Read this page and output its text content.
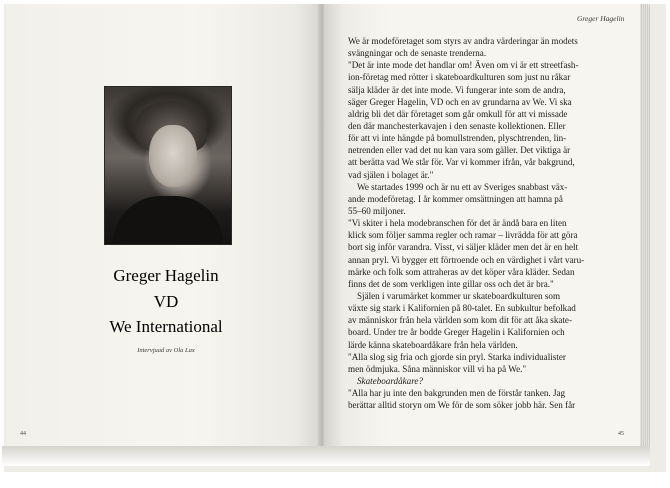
Greger Hagelin
VD
We International
Intervjuad av Ola Lax
44	45
Greger Hagelin
We är modeföretaget som styrs av andra värderingar än modets
svängningar och de senaste trenderna.
"Det är inte mode det handlar om! Även om vi är ett streetfash-
ion-företag med rötter i skateboardkulturen som just nu råkar
sälja kläder är det inte mode. Vi fungerar inte som de andra,
säger Greger Hagelin, VD och en av grundarna av We. Vi ska
aldrig bli det där företaget som går omkull för att vi missade
den där manchesterkavajen i den senaste kollektionen. Eller
för att vi inte hängde på bomullstrenden, plyschtrenden, lin-
netrenden eller vad det nu kan vara som gäller. Det viktiga är
att berätta vad We står för. Var vi kommer ifrån, vår bakgrund,
vad själen i bolaget är."
We startades 1999 och är nu ett av Sveriges snabbast väx-
ande modeföretag. I år kommer omsättningen att hamna på
55–60 miljoner.
"Vi skiter i hela modebranschen för det är ändå bara en liten
klick som följer samma regler och ramar – livrädda för att göra
bort sig inför varandra. Visst, vi säljer kläder men det är en helt
annan pryl. Vi bygger ett förtroende och en värdighet i vårt varu-
märke och folk som attraheras av det köper våra kläder. Sedan
finns det de som verkligen inte gillar oss och det är bra."
Själen i varumärket kommer ur skateboardkulturen som
växte sig stark i Kalifornien på 80-talet. En subkultur befolkad
av människor från hela världen som kom dit för att åka skate-
board. Under tre år bodde Greger Hagelin i Kalifornien och
lärde känna skateboardåkare från hela världen.
"Alla slog sig fria och gjorde sin pryl. Starka individualister
men ödmjuka. Såna människor vill vi ha på We."
Skateboardåkare?
"Alla har ju inte den bakgrunden men de förstår tanken. Jag
berättar alltid storyn om We för de som söker jobb här. Sen får
